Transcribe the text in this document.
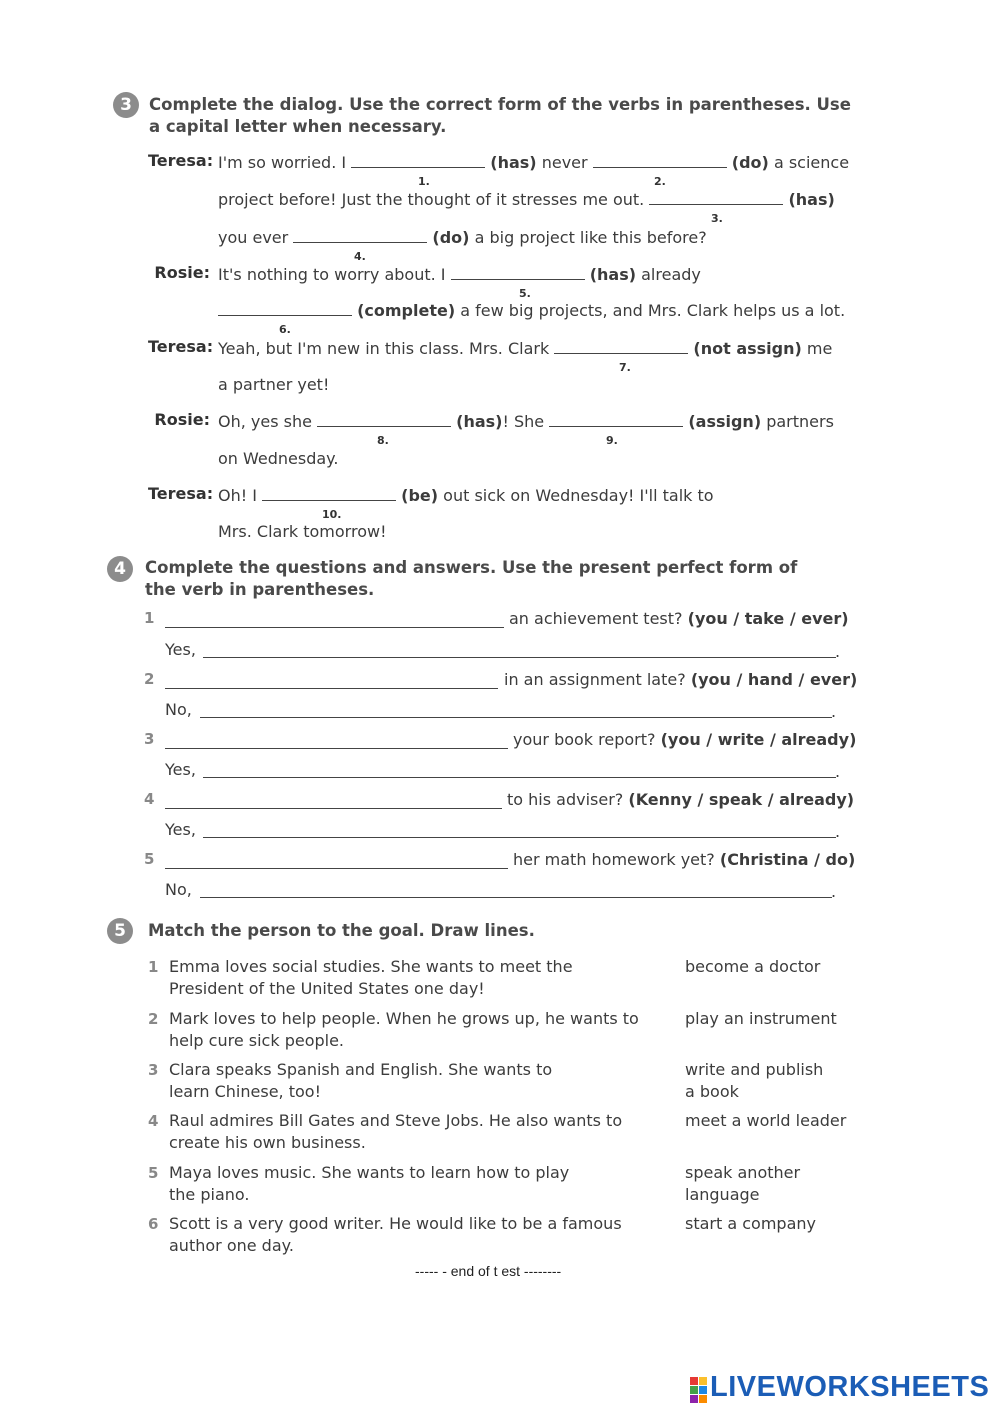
3	Complete the dialog. Use the correct form of the verbs in parentheses. Use a capital letter when necessary.
Teresa: I'm so worried. I	(has) never	(do) a science
1.	2.
project before! Just the thought of it stresses me out.	(has)
3.
you ever	(do) a big project like this before?
4.
Rosie: It's nothing to worry about. I	(has) already
5.
(complete) a few big projects, and Mrs. Clark helps us a lot.
6.
Teresa: Yeah, but I'm new in this class. Mrs. Clark	(not assign) me
7.
a partner yet!
Rosie: Oh, yes she	(has)! She	(assign) partners
8.	9.
on Wednesday.
Teresa: Oh! I	(be) out sick on Wednesday! I'll talk to
10.
Mrs. Clark tomorrow!
4	Complete the questions and answers. Use the present perfect form of the verb in parentheses.
1	an achievement test? (you / take / ever)
Yes,	.
2	in an assignment late? (you / hand / ever)
No,	.
3	your book report? (you / write / already)
Yes,	.
4	to his adviser? (Kenny / speak / already)
Yes,	.
5	her math homework yet? (Christina / do)
No,	.
5	Match the person to the goal. Draw lines.
1 Emma loves social studies. She wants to meet the President of the United States one day!
2 Mark loves to help people. When he grows up, he wants to help cure sick people.
3 Clara speaks Spanish and English. She wants to learn Chinese, too!
4 Raul admires Bill Gates and Steve Jobs. He also wants to create his own business.
5 Maya loves music. She wants to learn how to play the piano.
6 Scott is a very good writer. He would like to be a famous author one day.
become a doctor
play an instrument
write and publish a book
meet a world leader
speak another language
start a company
----- - end of t est --------
LIVEWORKSHEETS
